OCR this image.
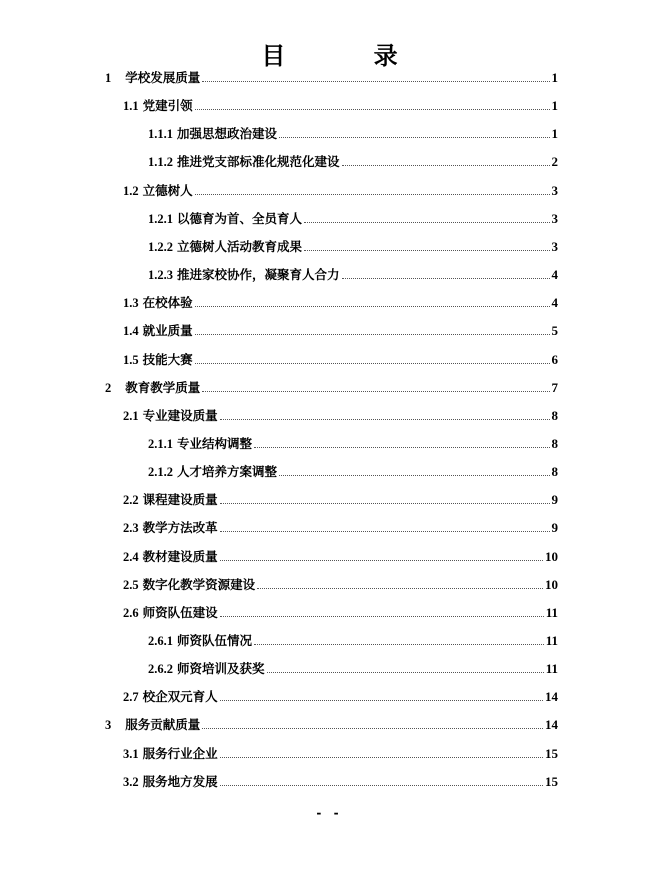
目 录
1 学校发展质量	1
1.1 党建引领	1
1.1.1 加强思想政治建设	1
1.1.2 推进党支部标准化规范化建设	2
1.2 立德树人	3
1.2.1 以德育为首、全员育人	3
1.2.2 立德树人活动教育成果	3
1.2.3 推进家校协作，凝聚育人合力	4
1.3 在校体验	4
1.4 就业质量	5
1.5 技能大赛	6
2 教育教学质量	7
2.1 专业建设质量	8
2.1.1 专业结构调整	8
2.1.2 人才培养方案调整	8
2.2 课程建设质量	9
2.3 教学方法改革	9
2.4 教材建设质量	10
2.5 数字化教学资源建设	10
2.6 师资队伍建设	11
2.6.1 师资队伍情况	11
2.6.2 师资培训及获奖	11
2.7 校企双元育人	14
3 服务贡献质量	14
3.1 服务行业企业	15
3.2 服务地方发展	15
- -
